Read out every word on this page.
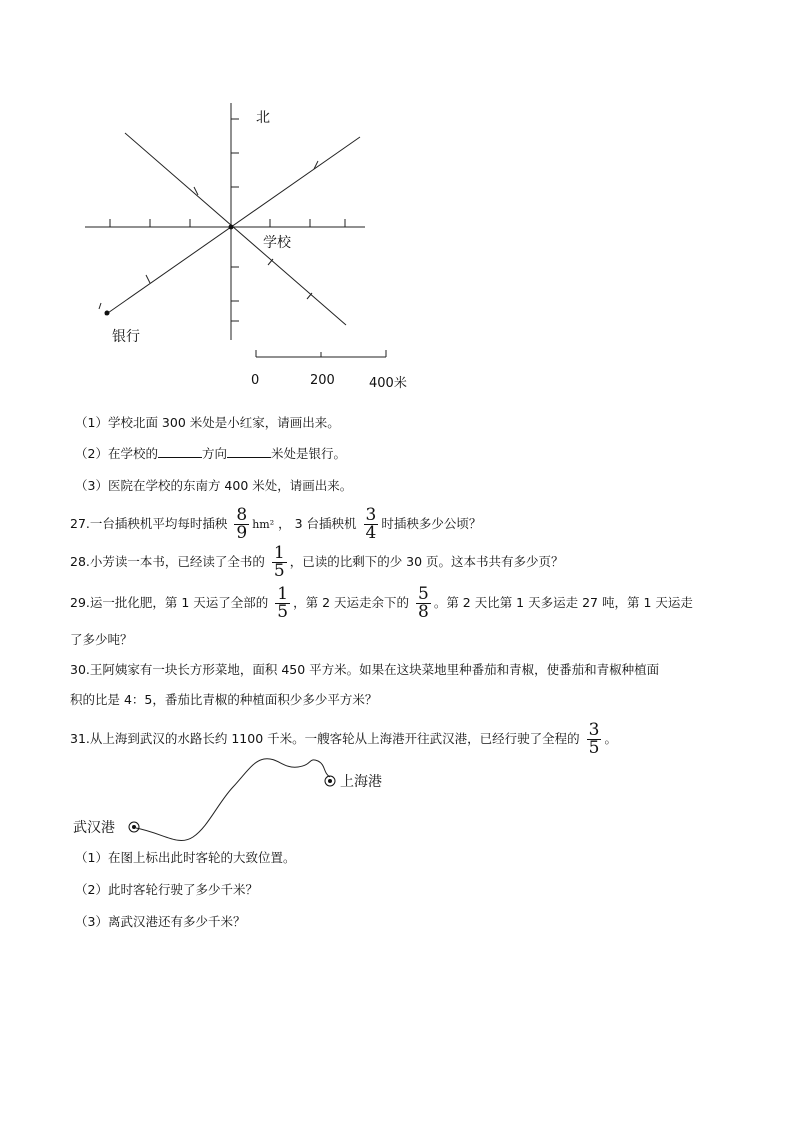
北
学校
银行
0	200	400米
（1）学校北面 300 米处是小红家，请画出来。
（2）在学校的	方向	米处是银行。
（3）医院在学校的东南方 400 米处，请画出来。
27.一台插秧机平均每时插秧 $\frac{8}{9} hm^2$ ， 3 台插秧机 $\frac{3}{4}$ 时插秧多少公顷？
28.小芳读一本书，已经读了全书的 $\frac{1}{5}$ ，已读的比剩下的少 30 页。这本书共有多少页？
29.运一批化肥，第 1 天运了全部的 $\frac{1}{5}$ ，第 2 天运走余下的 $\frac{5}{8}$ 。第 2 天比第 1 天多运走 27 吨，第 1 天运走
了多少吨？
30.王阿姨家有一块长方形菜地，面积 450 平方米。如果在这块菜地里种番茄和青椒，使番茄和青椒种植面
积的比是 4：5，番茄比青椒的种植面积少多少平方米？
31.从上海到武汉的水路长约 1100 千米。一艘客轮从上海港开往武汉港，已经行驶了全程的 $\frac{3}{5}$ 。
上海港
武汉港
（1）在图上标出此时客轮的大致位置。
（2）此时客轮行驶了多少千米？
（3）离武汉港还有多少千米？
